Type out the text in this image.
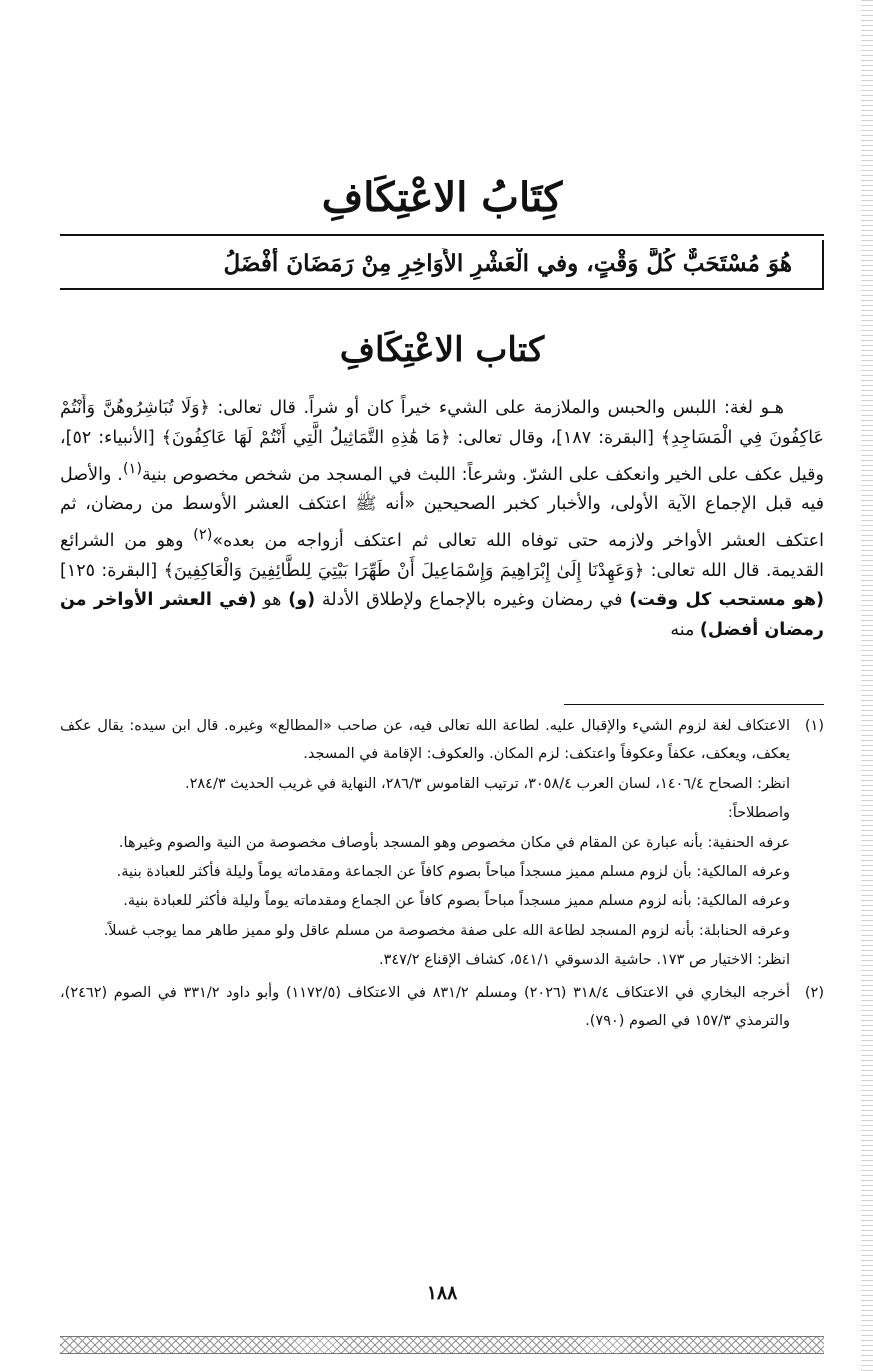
كِتَابُ الاعْتِكَافِ
هُوَ مُسْتَحَبٌّ كُلَّ وَقْتٍ، وفي الْعَشْرِ الأَوَاخِرِ مِنْ رَمَضَانَ أَفْضَلُ
كتاب الاعْتِكَافِ
هـو لغة: اللبس والحبس والملازمة على الشيء خيراً كان أو شراً. قال تعالى: ﴿وَلَا تُبَاشِرُوهُنَّ وَأَنْتُمْ عَاكِفُونَ فِي الْمَسَاجِدِ﴾ [البقرة: ١٨٧]، وقال تعالى: ﴿مَا هَٰذِهِ التَّمَاثِيلُ الَّتِي أَنْتُمْ لَهَا عَاكِفُونَ﴾ [الأنبياء: ٥٢]، وقيل عكف على الخير وانعكف على الشرّ. وشرعاً: اللبث في المسجد من شخص مخصوص بنية$^{(١)}$. والأصل فيه قبل الإجماع الآية الأولى، والأخبار كخبر الصحيحين «أنه ﷺ اعتكف العشر الأوسط من رمضان، ثم اعتكف العشر الأواخر ولازمه حتى توفاه الله تعالى ثم اعتكف أزواجه من بعده»$^{(٢)}$ وهو من الشرائع القديمة. قال الله تعالى: ﴿وَعَهِدْنَا إِلَىٰ إِبْرَاهِيمَ وَإِسْمَاعِيلَ أَنْ طَهِّرَا بَيْتِيَ لِلطَّائِفِينَ وَالْعَاكِفِينَ﴾ [البقرة: ١٢٥] (هو مستحب كل وقت) في رمضان وغيره بالإجماع ولإطلاق الأدلة (و) هو (في العشر الأواخر من رمضان أفضل) منه
(١)
الاعتكاف لغة لزوم الشيء والإقبال عليه. لطاعة الله تعالى فيه، عن صاحب «المطالع» وغيره. قال ابن سيده: يقال عكف يعكف، ويعكف، عكفاً وعكوفاً واعتكف: لزم المكان. والعكوف: الإقامة في المسجد.
انظر: الصحاح ١٤٠٦/٤، لسان العرب ٣٠٥٨/٤، ترتيب القاموس ٢٨٦/٣، النهاية في غريب الحديث ٢٨٤/٣.
واصطلاحاً:
عرفه الحنفية: بأنه عبارة عن المقام في مكان مخصوص وهو المسجد بأوصاف مخصوصة من النية والصوم وغيرها.
وعرفه المالكية: بأن لزوم مسلم مميز مسجداً مباحاً بصوم كافاً عن الجماعة ومقدماته يوماً وليلة فأكثر للعبادة بنية.
وعرفه المالكية: بأنه لزوم مسلم مميز مسجداً مباحاً بصوم كافاً عن الجماع ومقدماته يوماً وليلة فأكثر للعبادة بنية.
وعرفه الحنابلة: بأنه لزوم المسجد لطاعة الله على صفة مخصوصة من مسلم عاقل ولو مميز طاهر مما يوجب غسلاً.
انظر: الاختيار ص ١٧٣. حاشية الدسوقي ٥٤١/١، كشاف الإقناع ٣٤٧/٢.
(٢)
أخرجه البخاري في الاعتكاف ٣١٨/٤ (٢٠٢٦) ومسلم ٨٣١/٢ في الاعتكاف (١١٧٢/٥) وأبو داود ٣٣١/٢ في الصوم (٢٤٦٢)، والترمذي ١٥٧/٣ في الصوم (٧٩٠).
١٨٨
